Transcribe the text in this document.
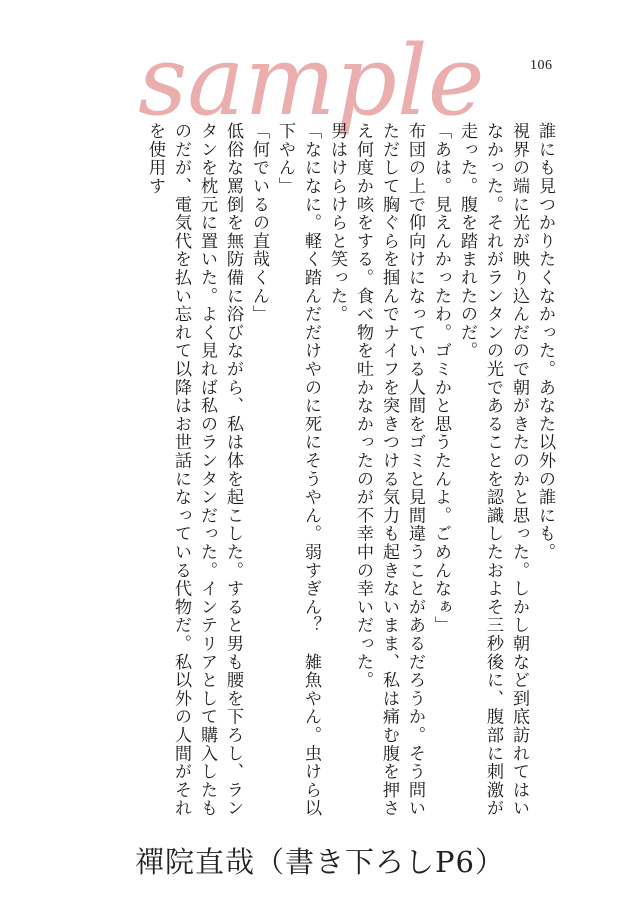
106
sample

誰にも見つかりたくなかった。あなた以外の誰にも。

視界の端に光が映り込んだので朝がきたのかと思った。しかし朝など到底訪れてはいなかった。それがランタンの光であることを認識したおよそ三秒後に、腹部に刺激が走った。腹を踏まれたのだ。

「あは。見えんかったわ。ゴミかと思うたんよ。ごめんなぁ」

布団の上で仰向けになっている人間をゴミと見間違うことがあるだろうか。そう問いただして胸ぐらを掴んでナイフを突きつける気力も起きないまま、私は痛む腹を押さえ何度か咳をする。食べ物を吐かなかったのが不幸中の幸いだった。

男はけらけらと笑った。

「なになに。軽く踏んだだけやのに死にそうやん。弱すぎん？　雑魚やん。虫けら以下やん」

「何でいるの直哉くん」

低俗な罵倒を無防備に浴びながら、私は体を起こした。すると男も腰を下ろし、ランタンを枕元に置いた。よく見れば私のランタンだった。インテリアとして購入したものだが、電気代を払い忘れて以降はお世話になっている代物だ。私以外の人間がそれを使用す

禪院直哉（書き下ろしP6）
